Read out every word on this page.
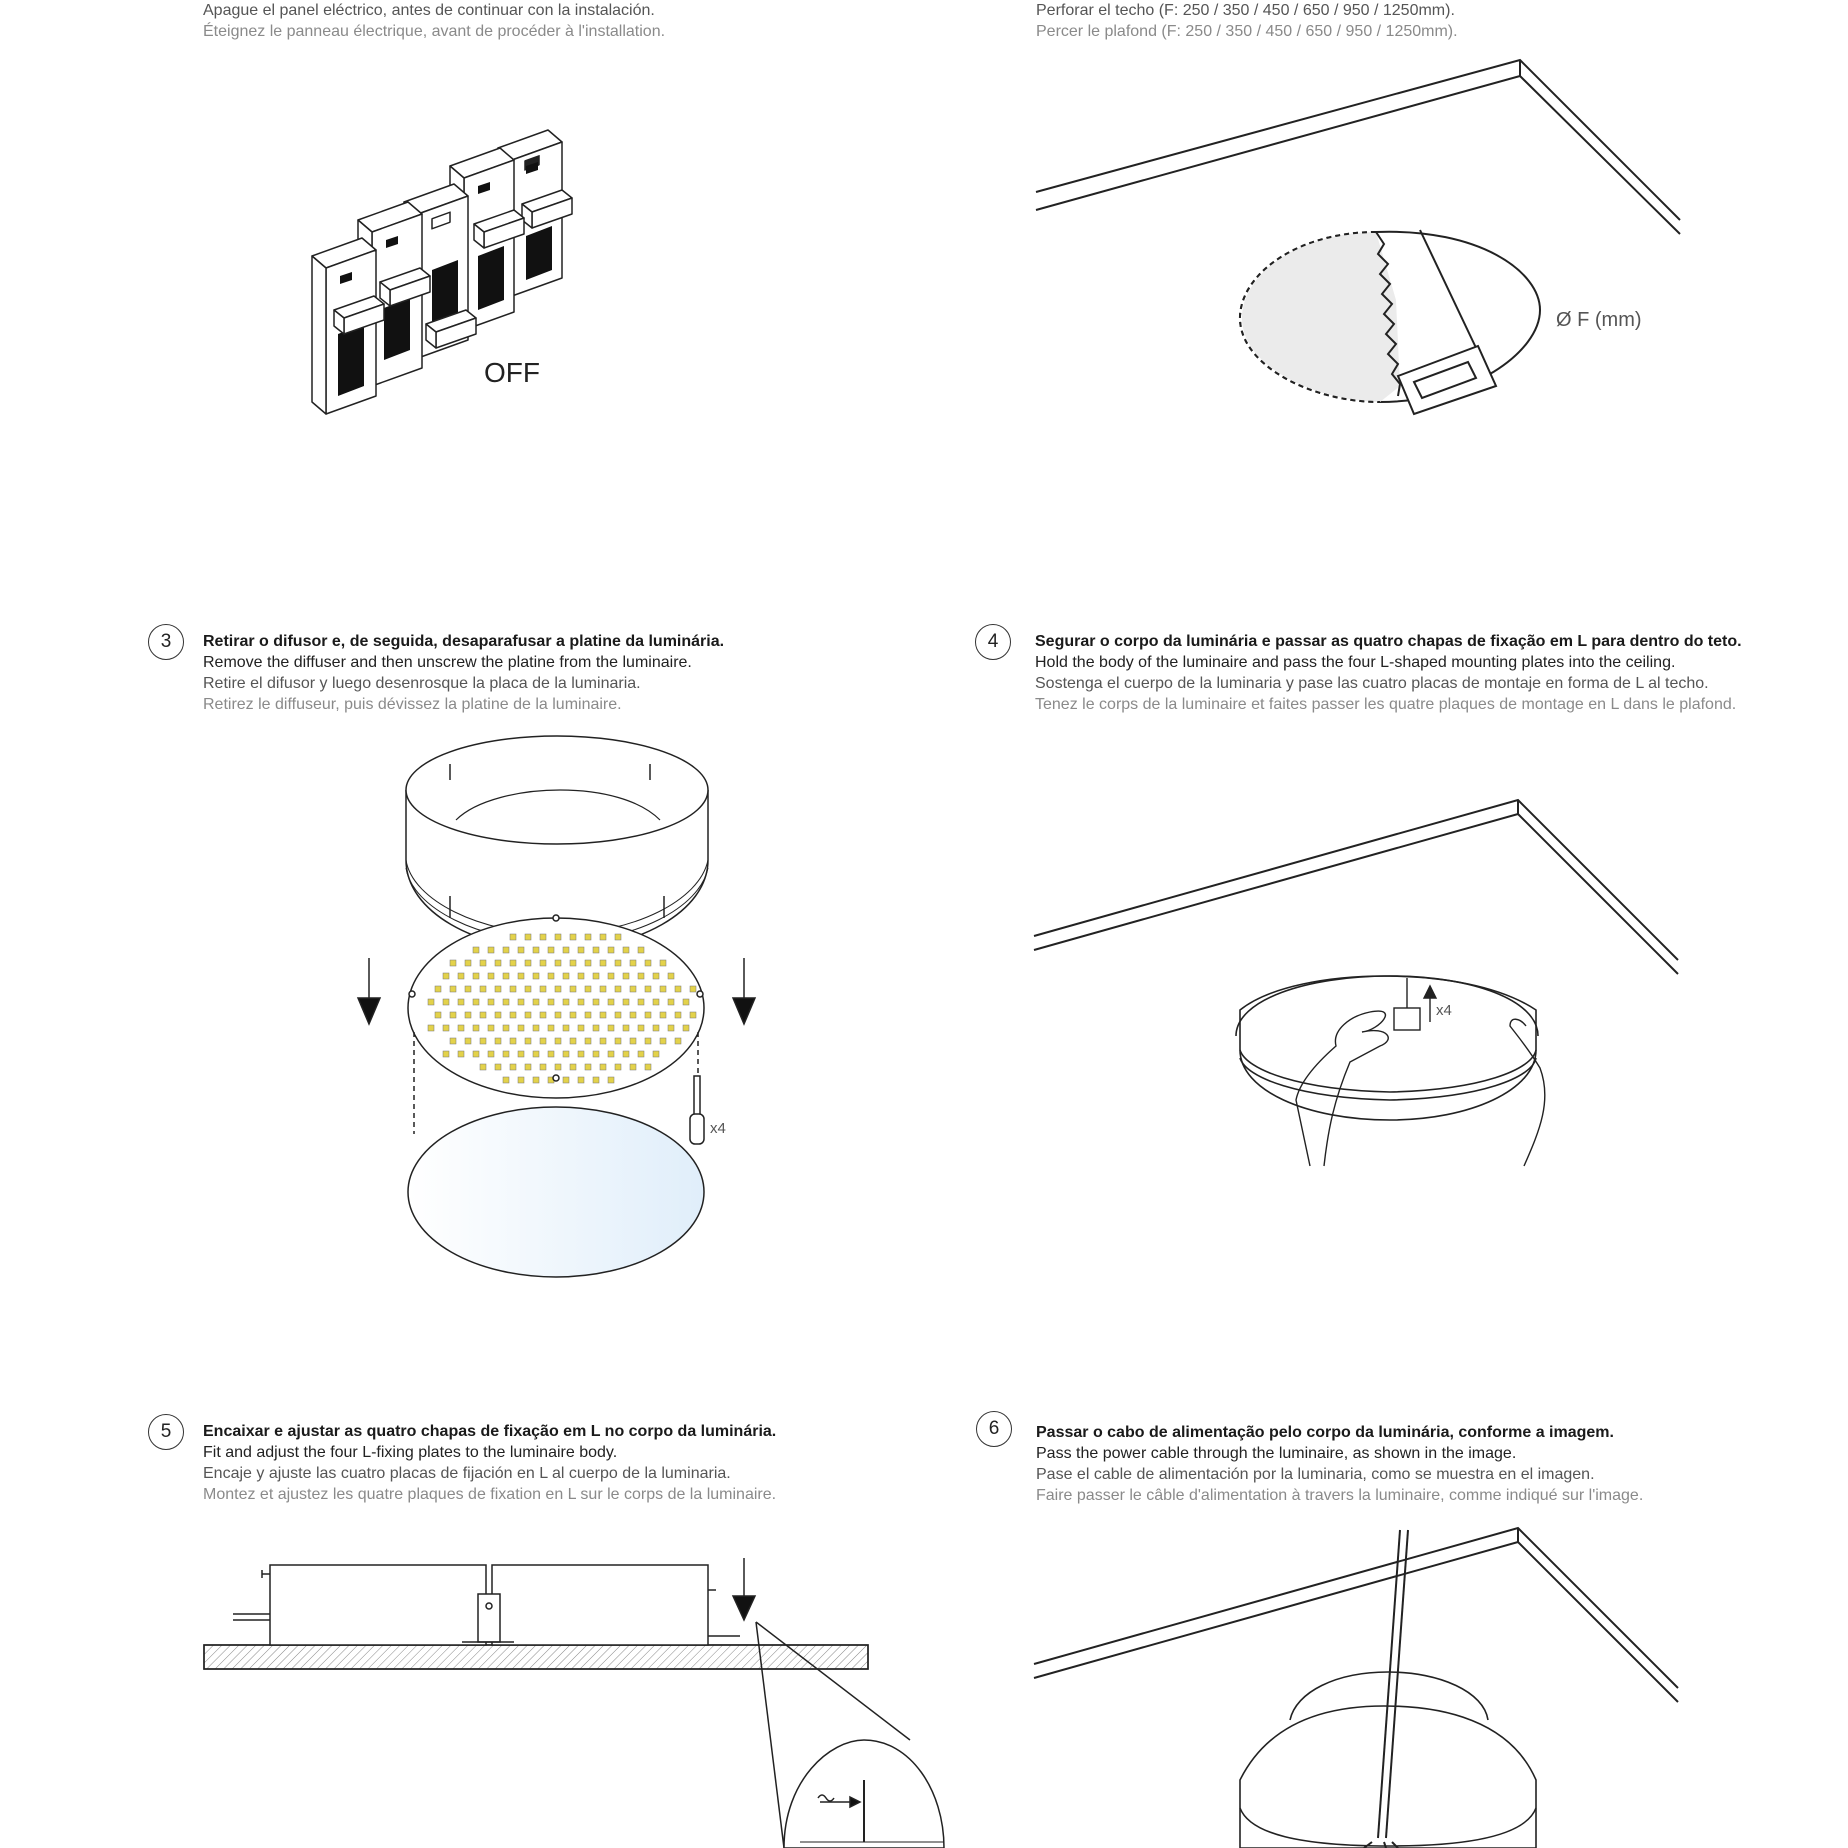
Apague el panel eléctrico, antes de continuar con la instalación.
Éteignez le panneau électrique, avant de procéder à l'installation.
Perforar el techo (F: 250 / 350 / 450 / 650 / 950 / 1250mm).
Percer le plafond (F: 250 / 350 / 450 / 650 / 950 / 1250mm).
3	Retirar o difusor e, de seguida, desaparafusar a platine da luminária.
Remove the diffuser and then unscrew the platine from the luminaire.
Retire el difusor y luego desenrosque la placa de la luminaria.
Retirez le diffuseur, puis dévissez la platine de la luminaire.
4	Segurar o corpo da luminária e passar as quatro chapas de fixação em L para dentro do teto.
Hold the body of the luminaire and pass the four L-shaped mounting plates into the ceiling.
Sostenga el cuerpo de la luminaria y pase las cuatro placas de montaje en forma de L al techo.
Tenez le corps de la luminaire et faites passer les quatre plaques de montage en L dans le plafond.
5	Encaixar e ajustar as quatro chapas de fixação em L no corpo da luminária.
Fit and adjust the four L-fixing plates to the luminaire body.
Encaje y ajuste las cuatro placas de fijación en L al cuerpo de la luminaria.
Montez et ajustez les quatre plaques de fixation en L sur le corps de la luminaire.
6	Passar o cabo de alimentação pelo corpo da luminária, conforme a imagem.
Pass the power cable through the luminaire, as shown in the image.
Pase el cable de alimentación por la luminaria, como se muestra en el imagen.
Faire passer le câble d'alimentation à travers la luminaire, comme indiqué sur l'image.
OFF
Ø F (mm)
x4
x4
